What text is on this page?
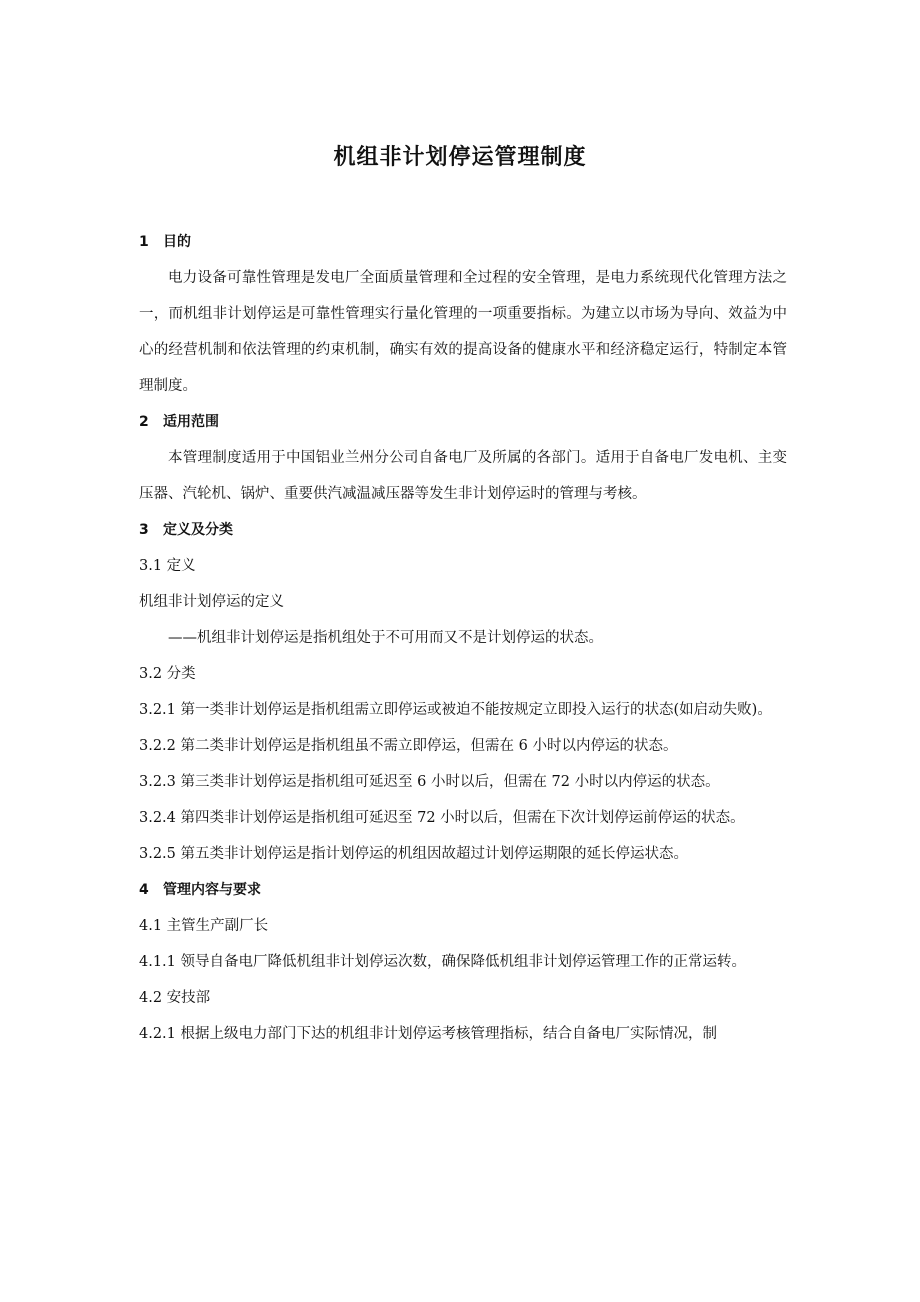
机组非计划停运管理制度

1 目的

电力设备可靠性管理是发电厂全面质量管理和全过程的安全管理，是电力系统现代化管理方法之一，而机组非计划停运是可靠性管理实行量化管理的一项重要指标。为建立以市场为导向、效益为中心的经营机制和依法管理的约束机制，确实有效的提高设备的健康水平和经济稳定运行，特制定本管理制度。

2 适用范围

本管理制度适用于中国铝业兰州分公司自备电厂及所属的各部门。适用于自备电厂发电机、主变压器、汽轮机、锅炉、重要供汽减温减压器等发生非计划停运时的管理与考核。

3 定义及分类

3.1 定义

机组非计划停运的定义

——机组非计划停运是指机组处于不可用而又不是计划停运的状态。

3.2 分类

3.2.1 第一类非计划停运是指机组需立即停运或被迫不能按规定立即投入运行的状态(如启动失败)。

3.2.2 第二类非计划停运是指机组虽不需立即停运，但需在 6 小时以内停运的状态。

3.2.3 第三类非计划停运是指机组可延迟至 6 小时以后，但需在 72 小时以内停运的状态。

3.2.4 第四类非计划停运是指机组可延迟至 72 小时以后，但需在下次计划停运前停运的状态。

3.2.5 第五类非计划停运是指计划停运的机组因故超过计划停运期限的延长停运状态。

4 管理内容与要求

4.1 主管生产副厂长

4.1.1 领导自备电厂降低机组非计划停运次数，确保降低机组非计划停运管理工作的正常运转。

4.2 安技部

4.2.1 根据上级电力部门下达的机组非计划停运考核管理指标，结合自备电厂实际情况，制
